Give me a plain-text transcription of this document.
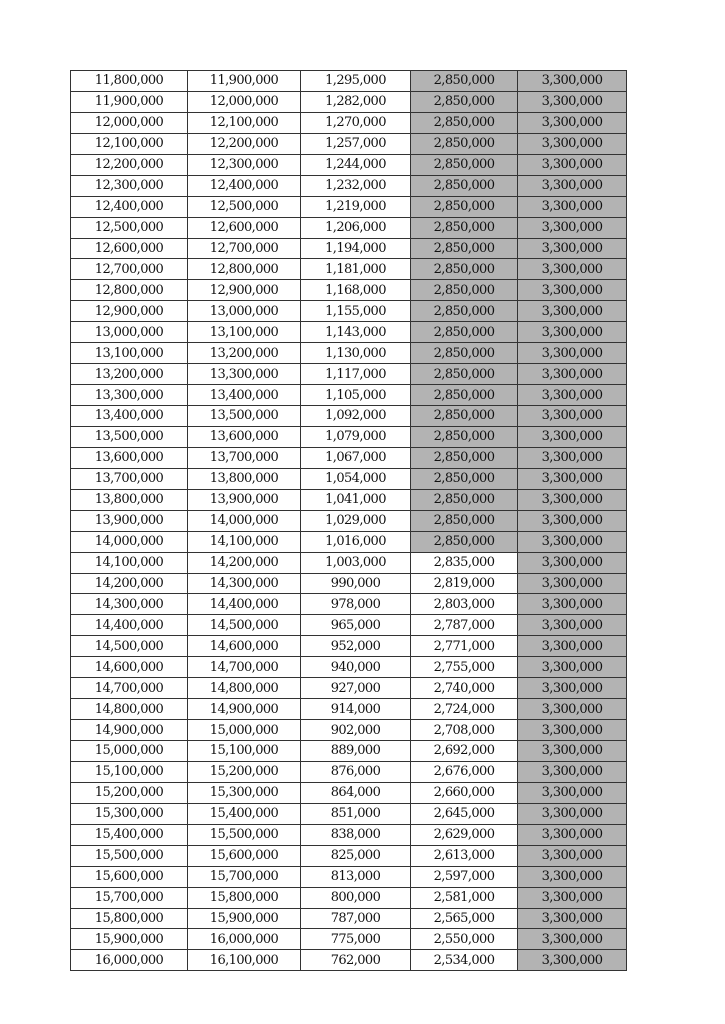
11,800,000	11,900,000	1,295,000	2,850,000	3,300,000
11,900,000	12,000,000	1,282,000	2,850,000	3,300,000
12,000,000	12,100,000	1,270,000	2,850,000	3,300,000
12,100,000	12,200,000	1,257,000	2,850,000	3,300,000
12,200,000	12,300,000	1,244,000	2,850,000	3,300,000
12,300,000	12,400,000	1,232,000	2,850,000	3,300,000
12,400,000	12,500,000	1,219,000	2,850,000	3,300,000
12,500,000	12,600,000	1,206,000	2,850,000	3,300,000
12,600,000	12,700,000	1,194,000	2,850,000	3,300,000
12,700,000	12,800,000	1,181,000	2,850,000	3,300,000
12,800,000	12,900,000	1,168,000	2,850,000	3,300,000
12,900,000	13,000,000	1,155,000	2,850,000	3,300,000
13,000,000	13,100,000	1,143,000	2,850,000	3,300,000
13,100,000	13,200,000	1,130,000	2,850,000	3,300,000
13,200,000	13,300,000	1,117,000	2,850,000	3,300,000
13,300,000	13,400,000	1,105,000	2,850,000	3,300,000
13,400,000	13,500,000	1,092,000	2,850,000	3,300,000
13,500,000	13,600,000	1,079,000	2,850,000	3,300,000
13,600,000	13,700,000	1,067,000	2,850,000	3,300,000
13,700,000	13,800,000	1,054,000	2,850,000	3,300,000
13,800,000	13,900,000	1,041,000	2,850,000	3,300,000
13,900,000	14,000,000	1,029,000	2,850,000	3,300,000
14,000,000	14,100,000	1,016,000	2,850,000	3,300,000
14,100,000	14,200,000	1,003,000	2,835,000	3,300,000
14,200,000	14,300,000	990,000	2,819,000	3,300,000
14,300,000	14,400,000	978,000	2,803,000	3,300,000
14,400,000	14,500,000	965,000	2,787,000	3,300,000
14,500,000	14,600,000	952,000	2,771,000	3,300,000
14,600,000	14,700,000	940,000	2,755,000	3,300,000
14,700,000	14,800,000	927,000	2,740,000	3,300,000
14,800,000	14,900,000	914,000	2,724,000	3,300,000
14,900,000	15,000,000	902,000	2,708,000	3,300,000
15,000,000	15,100,000	889,000	2,692,000	3,300,000
15,100,000	15,200,000	876,000	2,676,000	3,300,000
15,200,000	15,300,000	864,000	2,660,000	3,300,000
15,300,000	15,400,000	851,000	2,645,000	3,300,000
15,400,000	15,500,000	838,000	2,629,000	3,300,000
15,500,000	15,600,000	825,000	2,613,000	3,300,000
15,600,000	15,700,000	813,000	2,597,000	3,300,000
15,700,000	15,800,000	800,000	2,581,000	3,300,000
15,800,000	15,900,000	787,000	2,565,000	3,300,000
15,900,000	16,000,000	775,000	2,550,000	3,300,000
16,000,000	16,100,000	762,000	2,534,000	3,300,000
